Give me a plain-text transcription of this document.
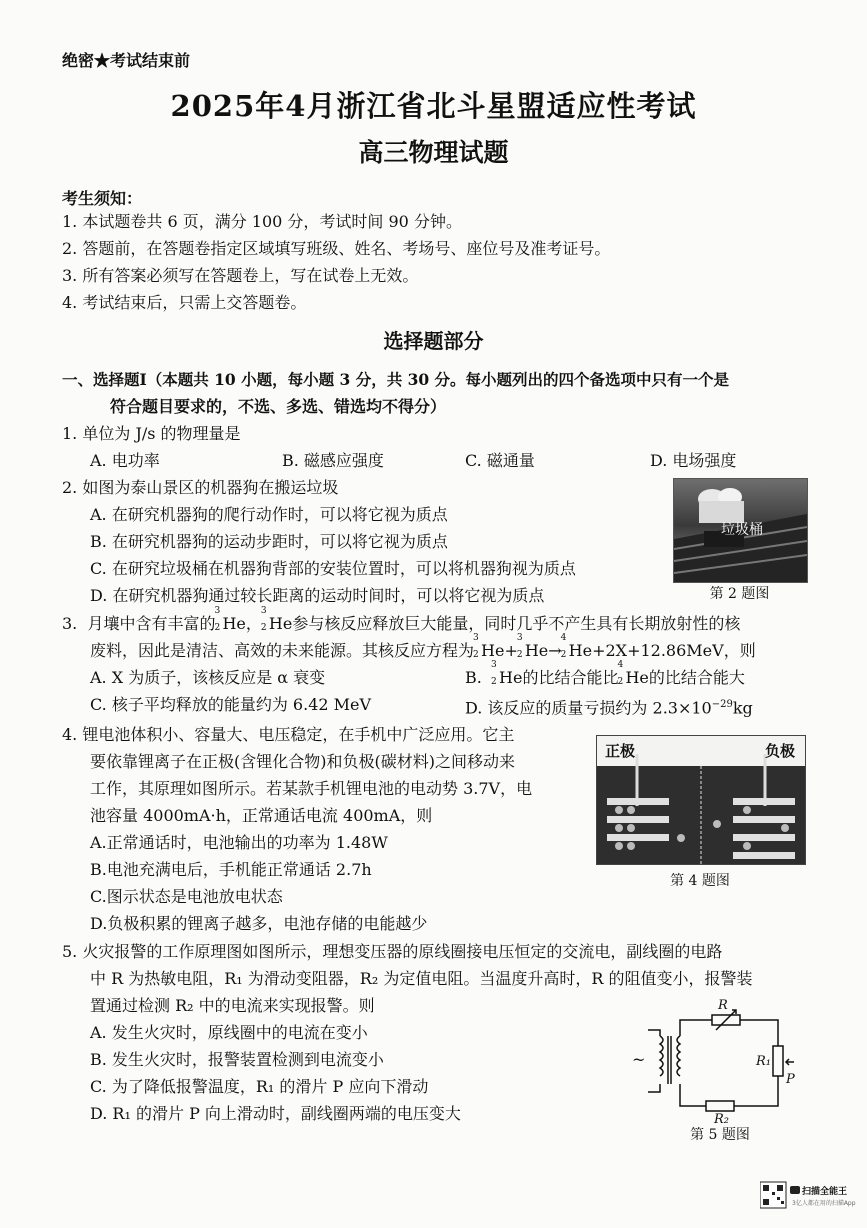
绝密★考试结束前
2025年4月浙江省北斗星盟适应性考试
高三物理试题
考生须知：
1. 本试题卷共 6 页，满分 100 分，考试时间 90 分钟。
2. 答题前，在答题卷指定区域填写班级、姓名、考场号、座位号及准考证号。
3. 所有答案必须写在答题卷上，写在试卷上无效。
4. 考试结束后，只需上交答题卷。
选择题部分
一、选择题Ⅰ（本题共 10 小题，每小题 3 分，共 30 分。每小题列出的四个备选项中只有一个是
符合题目要求的，不选、多选、错选均不得分）
1. 单位为 J/s 的物理量是
A. 电功率	B. 磁感应强度	C. 磁通量	D. 电场强度
2. 如图为泰山景区的机器狗在搬运垃圾
A. 在研究机器狗的爬行动作时，可以将它视为质点
B. 在研究机器狗的运动步距时，可以将它视为质点
C. 在研究垃圾桶在机器狗背部的安装位置时，可以将机器狗视为质点
D. 在研究机器狗通过较长距离的运动时间时，可以将它视为质点
垃圾桶
第 2 题图
3. 月壤中含有丰富的
3
2 He，
3
2 He参与核反应释放巨大能量，同时几乎不产生具有长期放射性的核
废料，因此是清洁、高效的未来能源。其核反应方程为
3
2 He+
3
2 He→
4
2 He+2X+12.86MeV，则
A. X 为质子，该核反应是 α 衰变	B.
3
2 He的比结合能比
4
2 He的比结合能大
C. 核子平均释放的能量约为 6.42 MeV	D. 该反应的质量亏损约为 $2.3\times 10^{-29}kg$
4. 锂电池体积小、容量大、电压稳定，在手机中广泛应用。它主
要依靠锂离子在正极(含锂化合物)和负极(碳材料)之间移动来
工作，其原理如图所示。若某款手机锂电池的电动势 3.7V，电
池容量 4000mA·h，正常通话电流 400mA，则
A.正常通话时，电池输出的功率为 1.48W
B.电池充满电后，手机能正常通话 2.7h
C.图示状态是电池放电状态
D.负极积累的锂离子越多，电池存储的电能越少
正极	负极
第 4 题图
5. 火灾报警的工作原理图如图所示，理想变压器的原线圈接电压恒定的交流电，副线圈的电路
中 R 为热敏电阻，R₁ 为滑动变阻器，R₂ 为定值电阻。当温度升高时，R 的阻值变小，报警装
置通过检测 R₂ 中的电流来实现报警。则
A. 发生火灾时，原线圈中的电流在变小
B. 发生火灾时，报警装置检测到电流变小
C. 为了降低报警温度，R₁ 的滑片 P 应向下滑动
D. R₁ 的滑片 P 向上滑动时，副线圈两端的电压变大
~
R
R₁
P
R₂
第 5 题图
扫描全能王
3亿人都在用的扫描App
